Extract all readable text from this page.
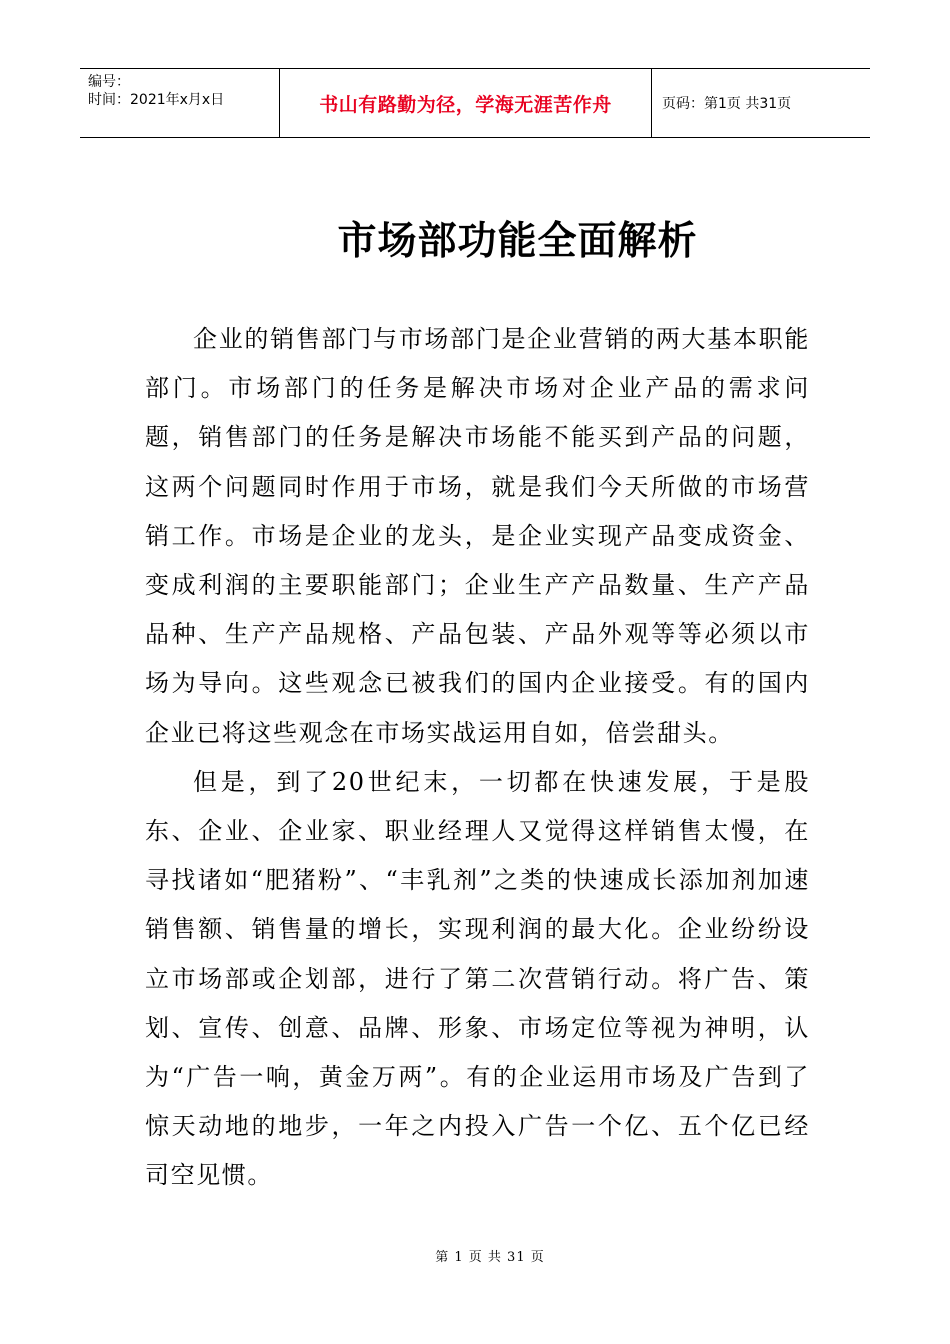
编号：
时间：2021年x月x日	书山有路勤为径，学海无涯苦作舟	页码：第1页 共31页
市场部功能全面解析

企业的销售部门与市场部门是企业营销的两大基本职能部门。市场部门的任务是解决市场对企业产品的需求问题，销售部门的任务是解决市场能不能买到产品的问题，这两个问题同时作用于市场，就是我们今天所做的市场营销工作。市场是企业的龙头，是企业实现产品变成资金、变成利润的主要职能部门；企业生产产品数量、生产产品品种、生产产品规格、产品包装、产品外观等等必须以市场为导向。这些观念已被我们的国内企业接受。有的国内企业已将这些观念在市场实战运用自如，倍尝甜头。

但是，到了20世纪末，一切都在快速发展，于是股东、企业、企业家、职业经理人又觉得这样销售太慢，在寻找诸如“肥猪粉”、“丰乳剂”之类的快速成长添加剂加速销售额、销售量的增长，实现利润的最大化。企业纷纷设立市场部或企划部，进行了第二次营销行动。将广告、策划、宣传、创意、品牌、形象、市场定位等视为神明，认为“广告一响，黄金万两”。有的企业运用市场及广告到了惊天动地的地步，一年之内投入广告一个亿、五个亿已经司空见惯。

第 1 页 共 31 页
